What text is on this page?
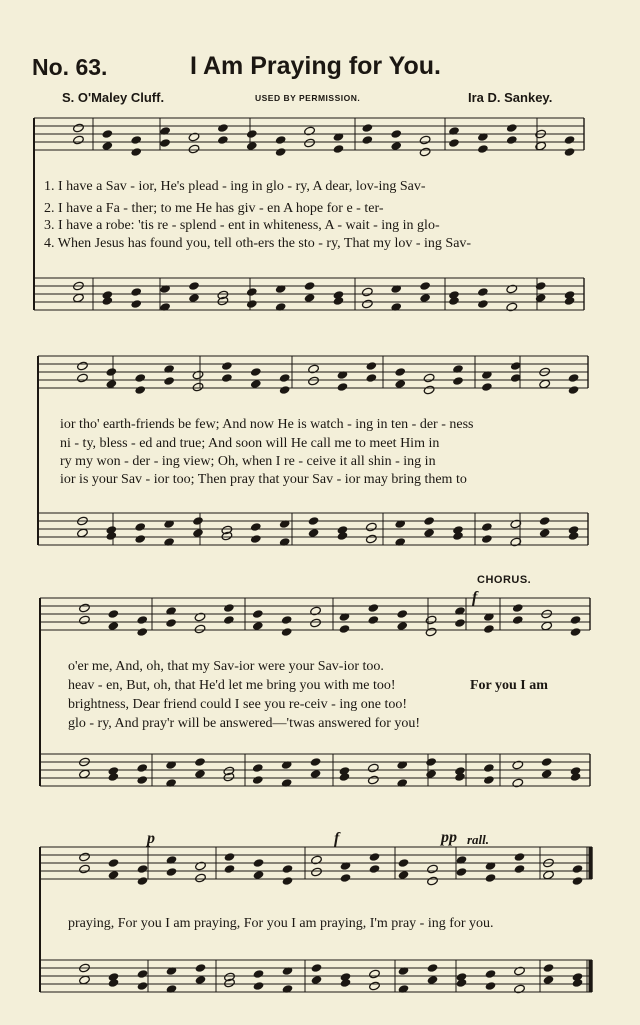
No. 63.	I Am Praying for You.
S. O'Maley Cluff.	USED BY PERMISSION.	Ira D. Sankey.
1. I have a Sav - ior, He's plead - ing in glo - ry, A dear, lov-ing Sav-
2. I have a Fa - ther; to me He has giv - en A hope for e - ter-
3. I have a robe: 'tis re - splend - ent in whiteness, A - wait - ing in glo-
4. When Jesus has found you, tell oth-ers the sto - ry, That my lov - ing Sav-
ior tho' earth-friends be few; And now He is watch - ing in ten - der - ness
ni - ty, bless - ed and true; And soon will He call me to meet Him in
ry my won - der - ing view; Oh, when I re - ceive it all shin - ing in
ior is your Sav - ior too; Then pray that your Sav - ior may bring them to
CHORUS.
f
o'er me, And, oh, that my Sav-ior were your Sav-ior too.
heav - en, But, oh, that He'd let me bring you with me too!
brightness, Dear friend could I see you re-ceiv - ing one too!
glo - ry, And pray'r will be answered—'twas answered for you!
For you I am
p	f	pp rall.
praying, For you I am praying, For you I am praying, I'm pray - ing for you.
